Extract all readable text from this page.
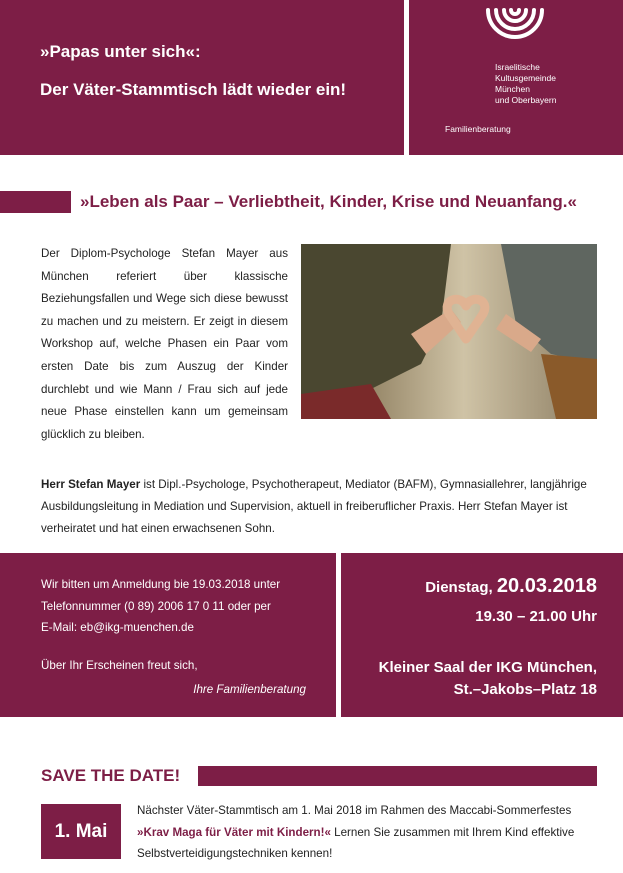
»Papas unter sich«:
Der Väter-Stammtisch lädt wieder ein!
Israelitische
Kultusgemeinde
München
und Oberbayern
Familienberatung
»Leben als Paar – Verliebtheit, Kinder, Krise und Neuanfang.«
Der Diplom-Psychologe Stefan Mayer aus München referiert über klassische Beziehungsfallen und Wege sich diese bewusst zu machen und zu meistern. Er zeigt in diesem Workshop auf, welche Phasen ein Paar vom ersten Date bis zum Auszug der Kinder durchlebt und wie Mann / Frau sich auf jede neue Phase einstellen kann um gemeinsam glücklich zu bleiben.
Herr Stefan Mayer ist Dipl.-Psychologe, Psychotherapeut, Mediator (BAFM), Gymnasiallehrer, langjährige Ausbildungsleitung in Mediation und Supervision, aktuell in freiberuflicher Praxis. Herr Stefan Mayer ist verheiratet und hat einen erwachsenen Sohn.
Wir bitten um Anmeldung bie 19.03.2018 unter
Telefonnummer (0 89) 2006 17 0 11 oder per
E-Mail: eb@ikg-muenchen.de
Über Ihr Erscheinen freut sich,
Ihre Familienberatung
Dienstag, 20.03.2018
19.30 – 21.00 Uhr
Kleiner Saal der IKG München,
St.–Jakobs–Platz 18
SAVE THE DATE!
1. Mai
Nächster Väter-Stammtisch am 1. Mai 2018 im Rahmen des Maccabi-Sommerfestes »Krav Maga für Väter mit Kindern!« Lernen Sie zusammen mit Ihrem Kind effektive Selbstverteidigungstechniken kennen!
